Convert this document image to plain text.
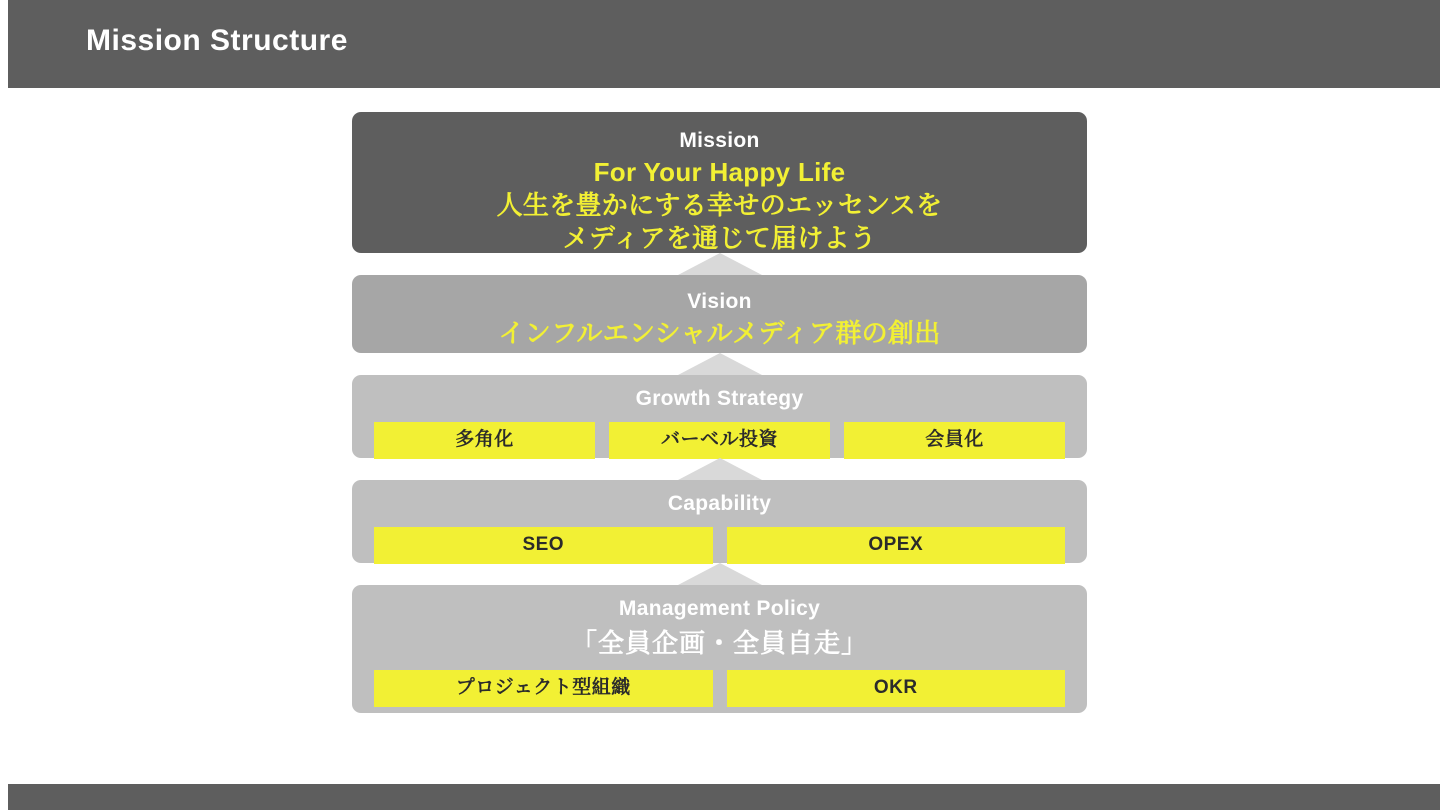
Mission Structure
Mission
For Your Happy Life
人生を豊かにする幸せのエッセンスを
メディアを通じて届けよう
Vision
インフルエンシャルメディア群の創出
Growth Strategy
多角化	バーベル投資	会員化
Capability
SEO	OPEX
Management Policy
「全員企画・全員自走」
プロジェクト型組織	OKR
